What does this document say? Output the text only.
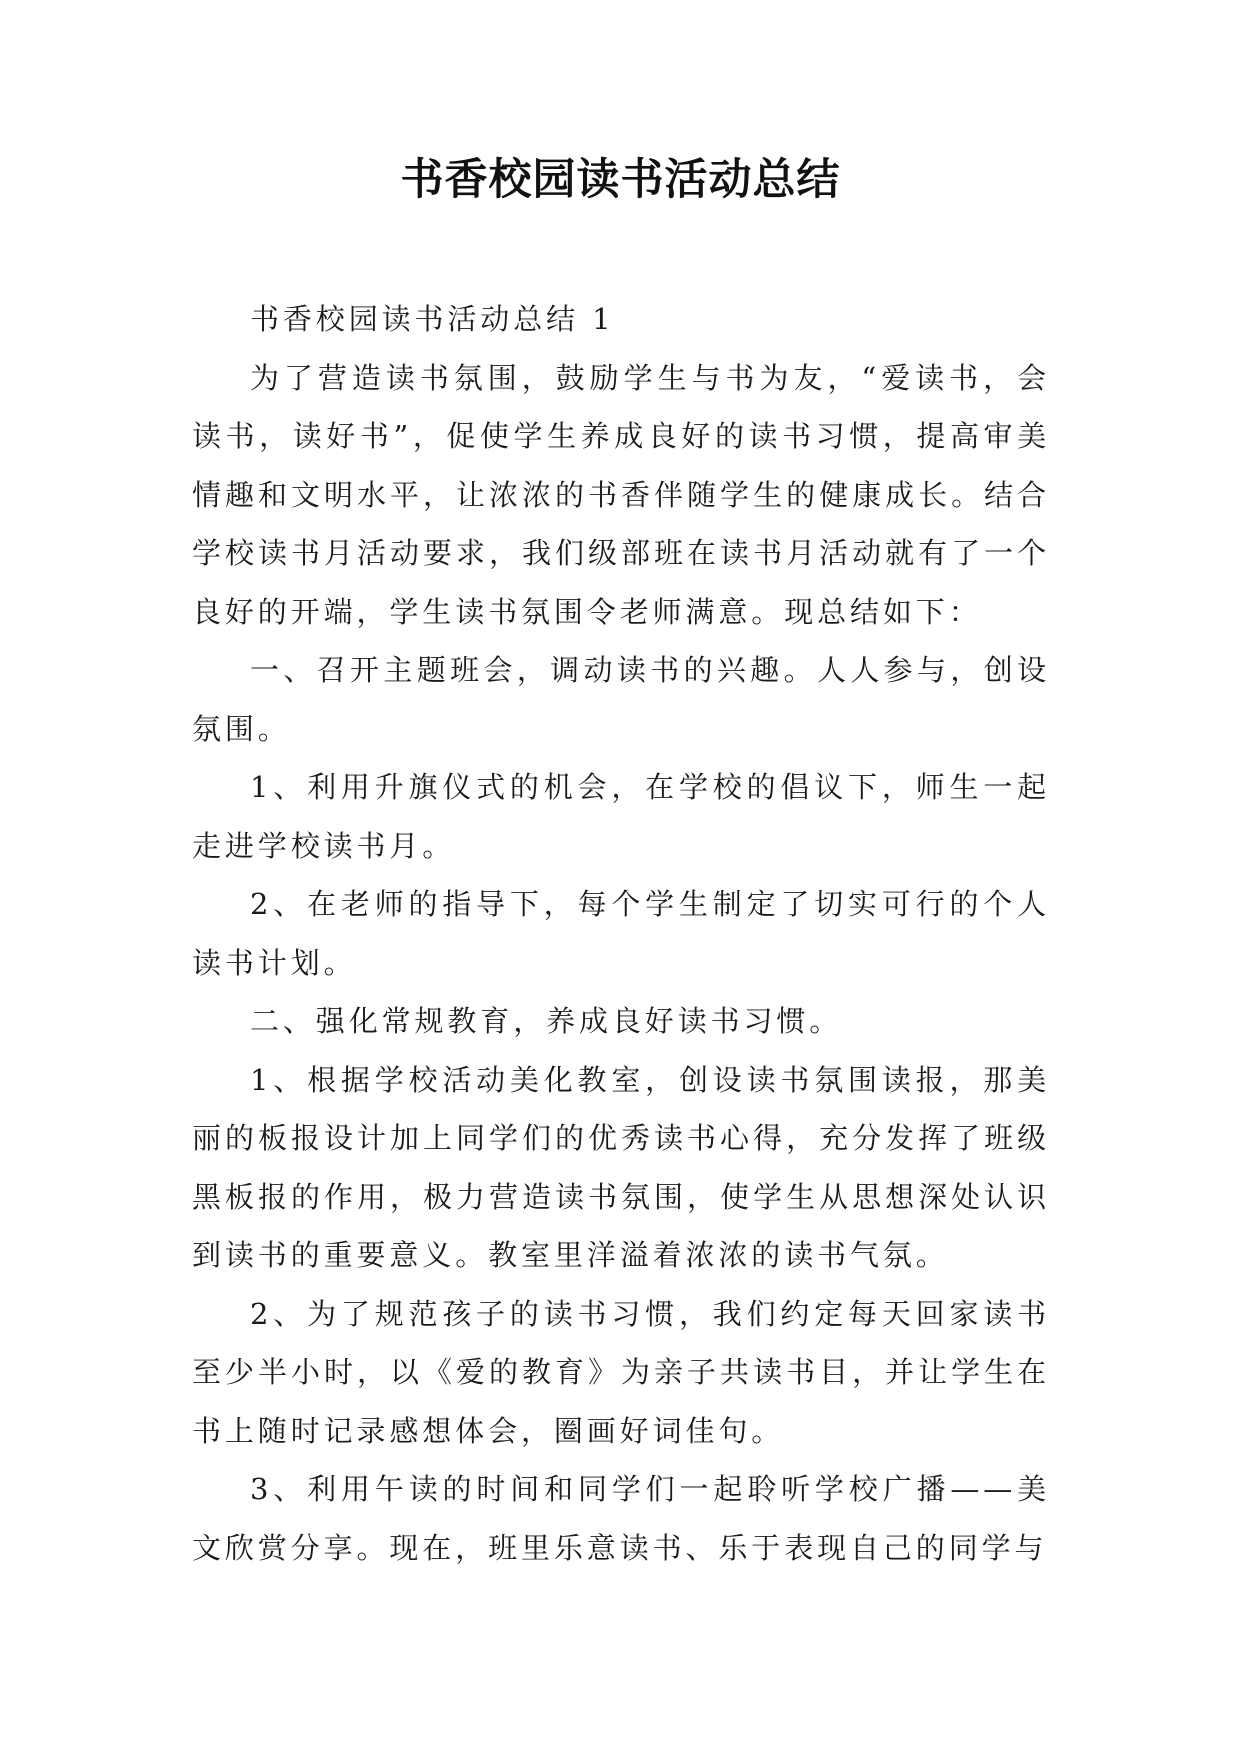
书香校园读书活动总结

书香校园读书活动总结 1

为了营造读书氛围，鼓励学生与书为友，“爱读书，会读书，读好书”，促使学生养成良好的读书习惯，提高审美情趣和文明水平，让浓浓的书香伴随学生的健康成长。结合学校读书月活动要求，我们级部班在读书月活动就有了一个良好的开端，学生读书氛围令老师满意。现总结如下：

一、召开主题班会，调动读书的兴趣。人人参与，创设氛围。

1、利用升旗仪式的机会，在学校的倡议下，师生一起走进学校读书月。

2、在老师的指导下，每个学生制定了切实可行的个人读书计划。

二、强化常规教育，养成良好读书习惯。

1、根据学校活动美化教室，创设读书氛围读报，那美丽的板报设计加上同学们的优秀读书心得，充分发挥了班级黑板报的作用，极力营造读书氛围，使学生从思想深处认识到读书的重要意义。教室里洋溢着浓浓的读书气氛。

2、为了规范孩子的读书习惯，我们约定每天回家读书至少半小时，以《爱的教育》为亲子共读书目，并让学生在书上随时记录感想体会，圈画好词佳句。

3、利用午读的时间和同学们一起聆听学校广播——美文欣赏分享。现在，班里乐意读书、乐于表现自己的同学与
